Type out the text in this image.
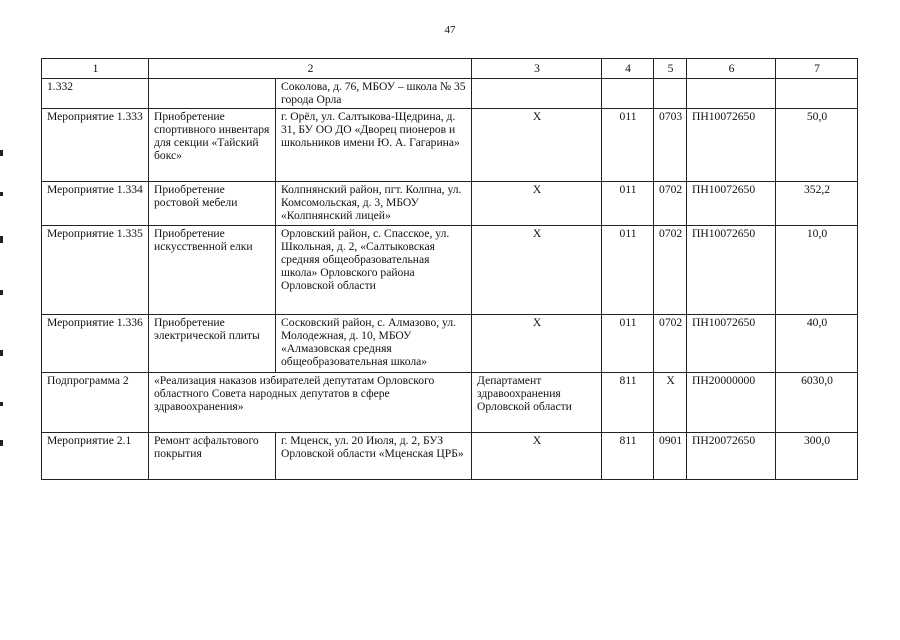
47
1	2		3	4	5	6	7
1.332		Соколова, д. 76, МБОУ – школа № 35 города Орла					
Мероприятие 1.333	Приобретение спортивного инвентаря для секции «Тайский бокс»	г. Орёл, ул. Салтыкова-Щедрина, д. 31, БУ ОО ДО «Дворец пионеров и школьников имени Ю. А. Гагарина»	Х	011	0703	ПН10072650	50,0
Мероприятие 1.334	Приобретение ростовой мебели	Колпнянский район, пгт. Колпна, ул. Комсомольская, д. 3, МБОУ «Колпнянский лицей»	Х	011	0702	ПН10072650	352,2
Мероприятие 1.335	Приобретение искусственной елки	Орловский район, с. Спасское, ул. Школьная, д. 2, «Салтыковская средняя общеобразовательная школа» Орловского района Орловской области	Х	011	0702	ПН10072650	10,0
Мероприятие 1.336	Приобретение электрической плиты	Сосковский район, с. Алмазово, ул. Молодежная, д. 10, МБОУ «Алмазовская средняя общеобразовательная школа»	Х	011	0702	ПН10072650	40,0
Подпрограмма 2	«Реализация наказов избирателей депутатам Орловского областного Совета народных депутатов в сфере здравоохранения»		Департамент здравоохранения Орловской области	811	Х	ПН20000000	6030,0
Мероприятие 2.1	Ремонт асфальтового покрытия	г. Мценск, ул. 20 Июля, д. 2, БУЗ Орловской области «Мценская ЦРБ»	Х	811	0901	ПН20072650	300,0
